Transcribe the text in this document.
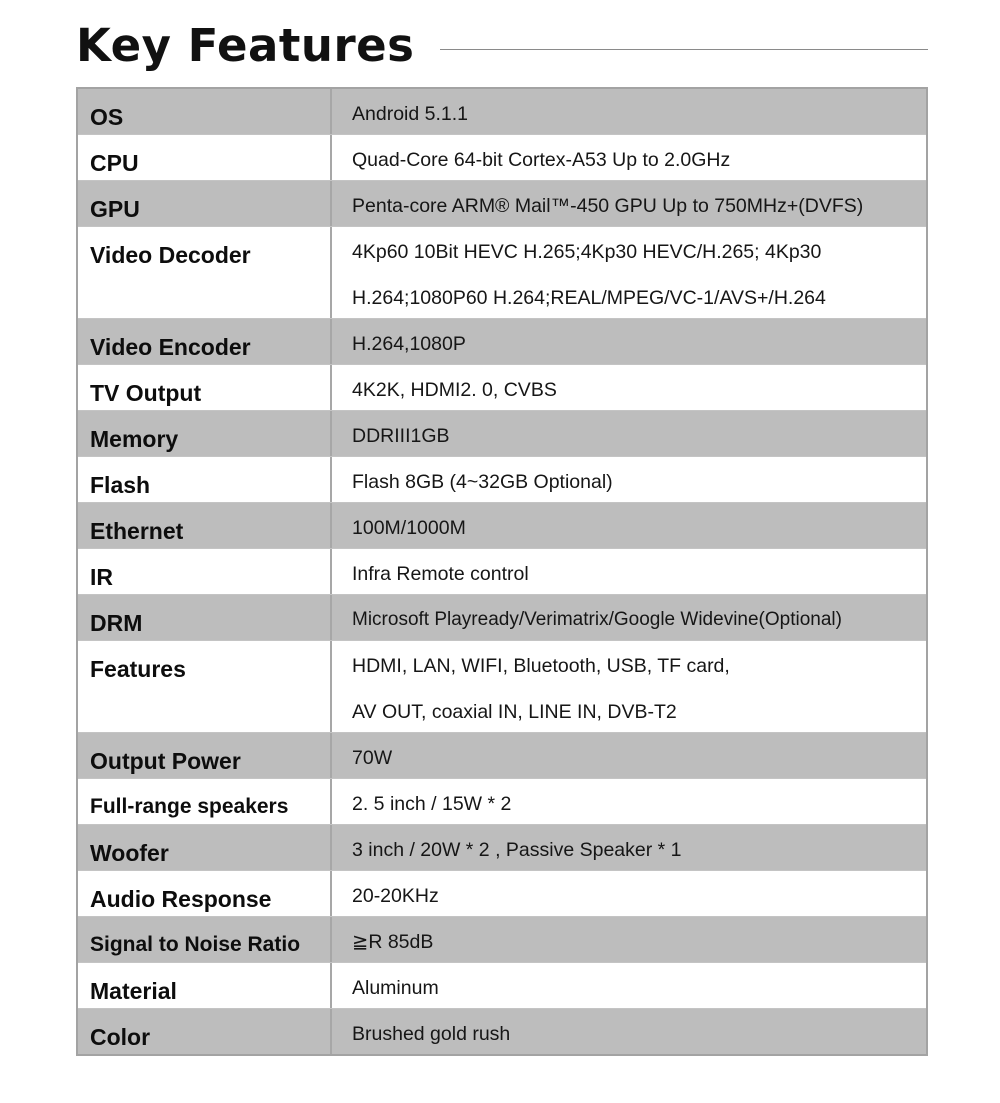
Key Features
OS	Android 5.1.1
CPU	Quad-Core 64-bit Cortex-A53 Up to 2.0GHz
GPU	Penta-core ARM® Mail™-450 GPU Up to 750MHz+(DVFS)
Video Decoder	4Kp60 10Bit HEVC H.265;4Kp30 HEVC/H.265; 4Kp30
H.264;1080P60 H.264;REAL/MPEG/VC-1/AVS+/H.264
Video Encoder	H.264,1080P
TV Output	4K2K, HDMI2. 0, CVBS
Memory	DDRIII1GB
Flash	Flash 8GB (4~32GB Optional)
Ethernet	100M/1000M
IR	Infra Remote control
DRM	Microsoft Playready/Verimatrix/Google Widevine(Optional)
Features	HDMI, LAN, WIFI, Bluetooth, USB, TF card,
AV OUT, coaxial IN, LINE IN, DVB-T2
Output Power	70W
Full-range speakers	2. 5 inch / 15W * 2
Woofer	3 inch / 20W * 2 , Passive Speaker * 1
Audio Response	20-20KHz
Signal to Noise Ratio	≧R 85dB
Material	Aluminum
Color	Brushed gold rush
